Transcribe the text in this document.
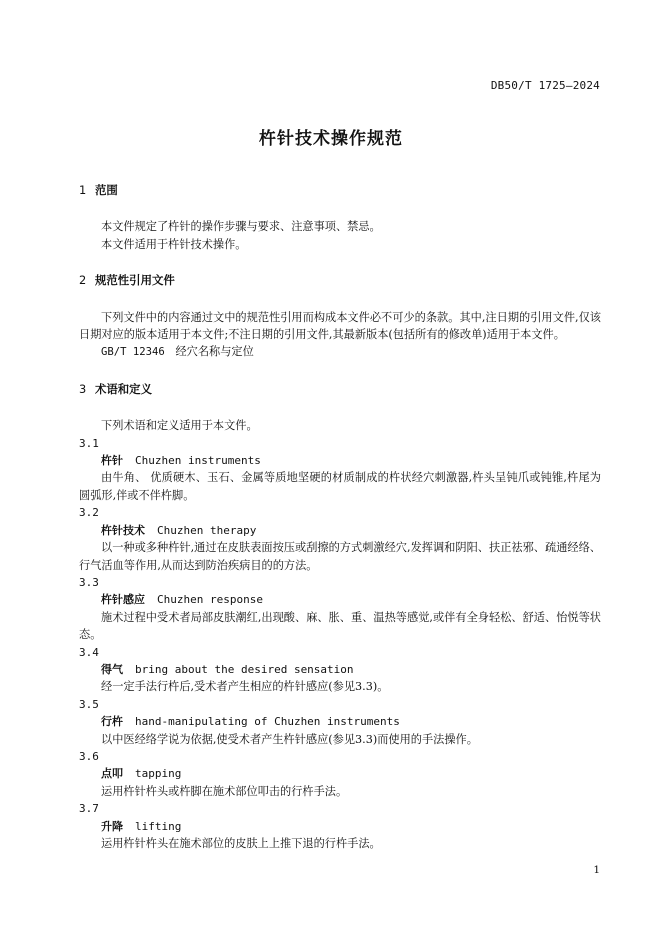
DB50/T 1725—2024
杵针技术操作规范

1 范围

本文件规定了杵针的操作步骤与要求、注意事项、禁忌。

本文件适用于杵针技术操作。

2 规范性引用文件

下列文件中的内容通过文中的规范性引用而构成本文件必不可少的条款。其中,注日期的引用文件,仅该日期对应的版本适用于本文件;不注日期的引用文件,其最新版本(包括所有的修改单)适用于本文件。

GB/T 12346 经穴名称与定位

3 术语和定义

下列术语和定义适用于本文件。

3.1

杵针 Chuzhen instruments

由牛角、 优质硬木、玉石、金属等质地坚硬的材质制成的杵状经穴刺激器,杵头呈钝爪或钝锥,杵尾为圆弧形,伴或不伴杵脚。

3.2

杵针技术 Chuzhen therapy

以一种或多种杵针,通过在皮肤表面按压或刮擦的方式刺激经穴,发挥调和阴阳、扶正祛邪、疏通经络、行气活血等作用,从而达到防治疾病目的的方法。

3.3

杵针感应 Chuzhen response

施术过程中受术者局部皮肤潮红,出现酸、麻、胀、重、温热等感觉,或伴有全身轻松、舒适、怡悦等状态。

3.4

得气 bring about the desired sensation

经一定手法行杵后,受术者产生相应的杵针感应(参见3.3)。

3.5

行杵 hand-manipulating of Chuzhen instruments

以中医经络学说为依据,使受术者产生杵针感应(参见3.3)而使用的手法操作。

3.6

点叩 tapping

运用杵针杵头或杵脚在施术部位叩击的行杵手法。

3.7

升降 lifting

运用杵针杵头在施术部位的皮肤上上推下退的行杵手法。

1
